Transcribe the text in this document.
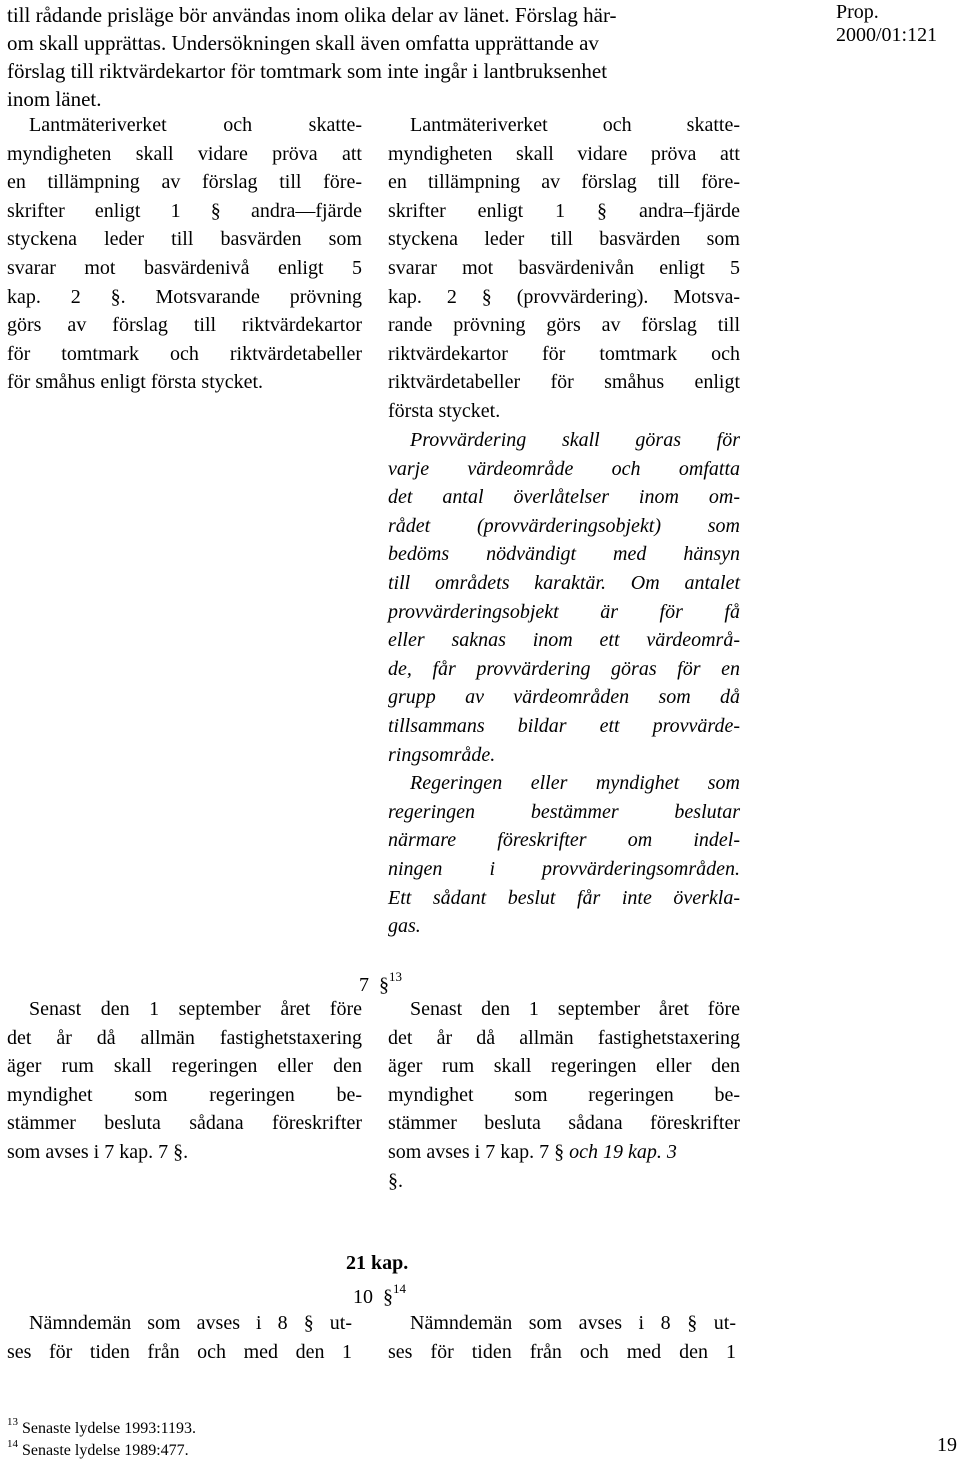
Prop. 2000/01:121
till rådande prisläge bör användas inom olika delar av länet. Förslag här-
om skall upprättas. Undersökningen skall även omfatta upprättande av
förslag till riktvärdekartor för tomtmark som inte ingår i lantbruksenhet
inom länet.
Lantmäteriverket och skatte-
myndigheten skall vidare pröva att
en tillämpning av förslag till före-
skrifter enligt 1 § andra—fjärde
styckena leder till basvärden som
svarar mot basvärdenivå enligt 5
kap. 2 §. Motsvarande prövning
görs av förslag till riktvärdekartor
för tomtmark och riktvärdetabeller
för småhus enligt första stycket.
Lantmäteriverket och skatte-
myndigheten skall vidare pröva att
en tillämpning av förslag till före-
skrifter enligt 1 § andra–fjärde
styckena leder till basvärden som
svarar mot basvärdenivån enligt 5
kap. 2 § (provvärdering). Motsva-
rande prövning görs av förslag till
riktvärdekartor för tomtmark och
riktvärdetabeller för småhus enligt
första stycket.
Provvärdering skall göras för
varje värdeområde och omfatta
det antal överlåtelser inom om-
rådet (provvärderingsobjekt) som
bedöms nödvändigt med hänsyn
till områdets karaktär. Om antalet
provvärderingsobjekt är för få
eller saknas inom ett värdeområ-
de, får provvärdering göras för en
grupp av värdeområden som då
tillsammans bildar ett provvärde-
ringsområde.
Regeringen eller myndighet som
regeringen bestämmer beslutar
närmare föreskrifter om indel-
ningen i provvärderingsområden.
Ett sådant beslut får inte överkla-
gas.
7 §$^{13}$
Senast den 1 september året före
det år då allmän fastighetstaxering
äger rum skall regeringen eller den
myndighet som regeringen be-
stämmer besluta sådana föreskrifter
som avses i 7 kap. 7 §.
Senast den 1 september året före
det år då allmän fastighetstaxering
äger rum skall regeringen eller den
myndighet som regeringen be-
stämmer besluta sådana föreskrifter
som avses i 7 kap. 7 § och 19 kap. 3
§.
21 kap.
10 §$^{14}$
Nämndemän som avses i 8 § ut-
ses för tiden från och med den 1
Nämndemän som avses i 8 § ut-
ses för tiden från och med den 1
$^{13}$ Senaste lydelse 1993:1193.
$^{14}$ Senaste lydelse 1989:477.	19
